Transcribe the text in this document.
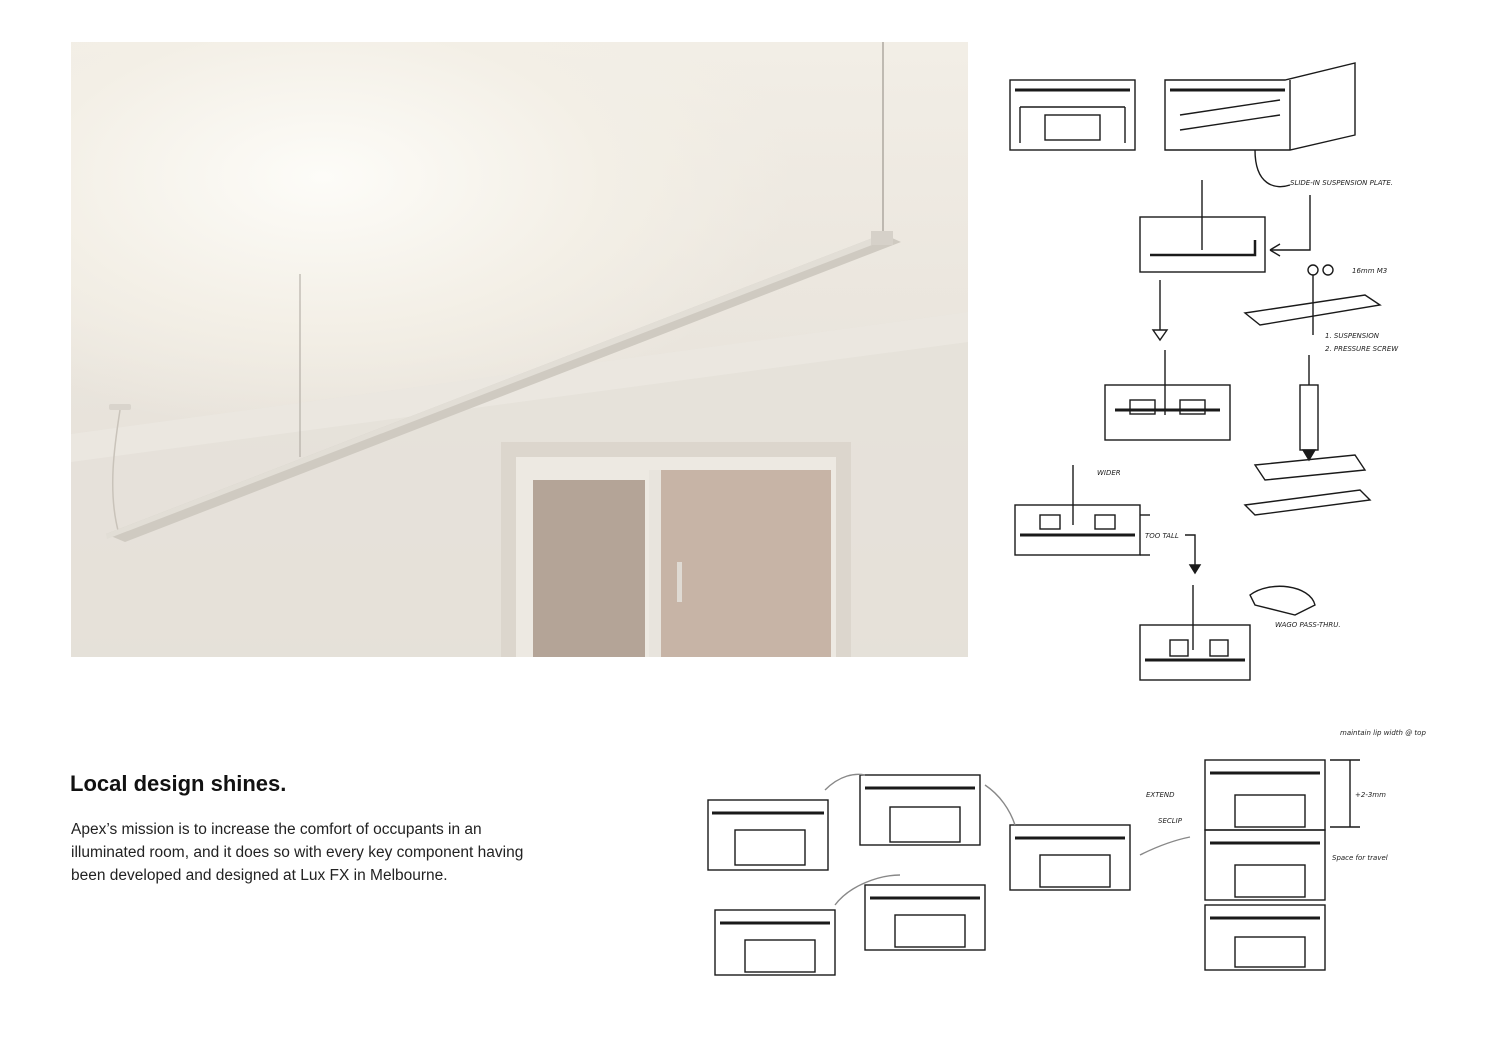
SLIDE-IN SUSPENSION PLATE.
16mm M3
1. SUSPENSION
2. PRESSURE SCREW
WIDER
TOO TALL
WAGO PASS-THRU.
maintain lip width @ top
+2-3mm
Space for travel
EXTEND
SECLIP
Local design shines.

Apex’s mission is to increase the comfort of occupants in an illuminated room, and it does so with every key component having been developed and designed at Lux FX in Melbourne.
